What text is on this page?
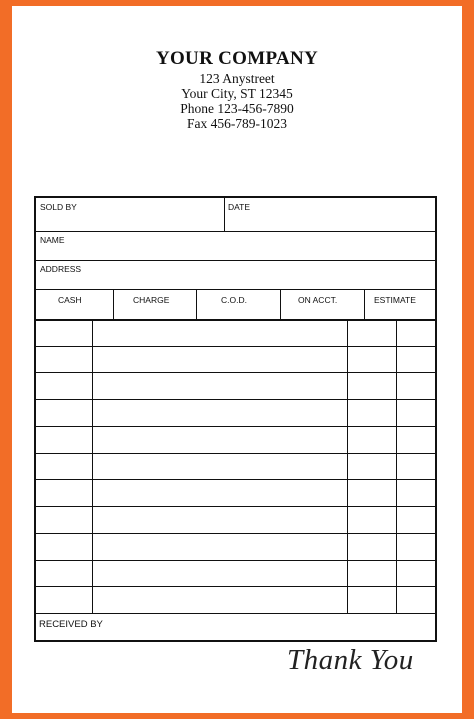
YOUR COMPANY
123 Anystreet
Your City, ST 12345
Phone 123-456-7890
Fax 456-789-1023
SOLD BY	DATE
NAME
ADDRESS
CASH	CHARGE	C.O.D.	ON ACCT.	ESTIMATE
RECEIVED BY
Thank You
